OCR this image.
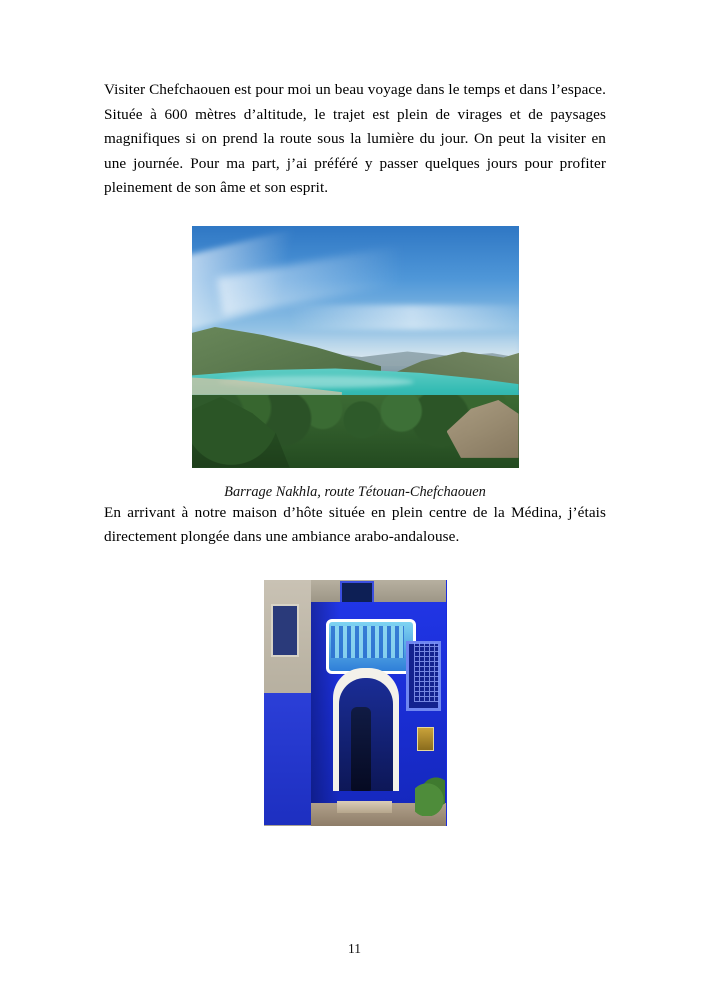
Visiter Chefchaouen est pour moi un beau voyage dans le temps et dans l’espace. Située à 600 mètres d’altitude, le trajet est plein de virages et de paysages magnifiques si on prend la route sous la lumière du jour. On peut la visiter en une journée. Pour ma part, j’ai préféré y passer quelques jours pour profiter pleinement de son âme et son esprit.

Barrage Nakhla, route Tétouan-Chefchaouen

En arrivant à notre maison d’hôte située en plein centre de la Médina, j’étais directement plongée dans une ambiance arabo-andalouse.

11
